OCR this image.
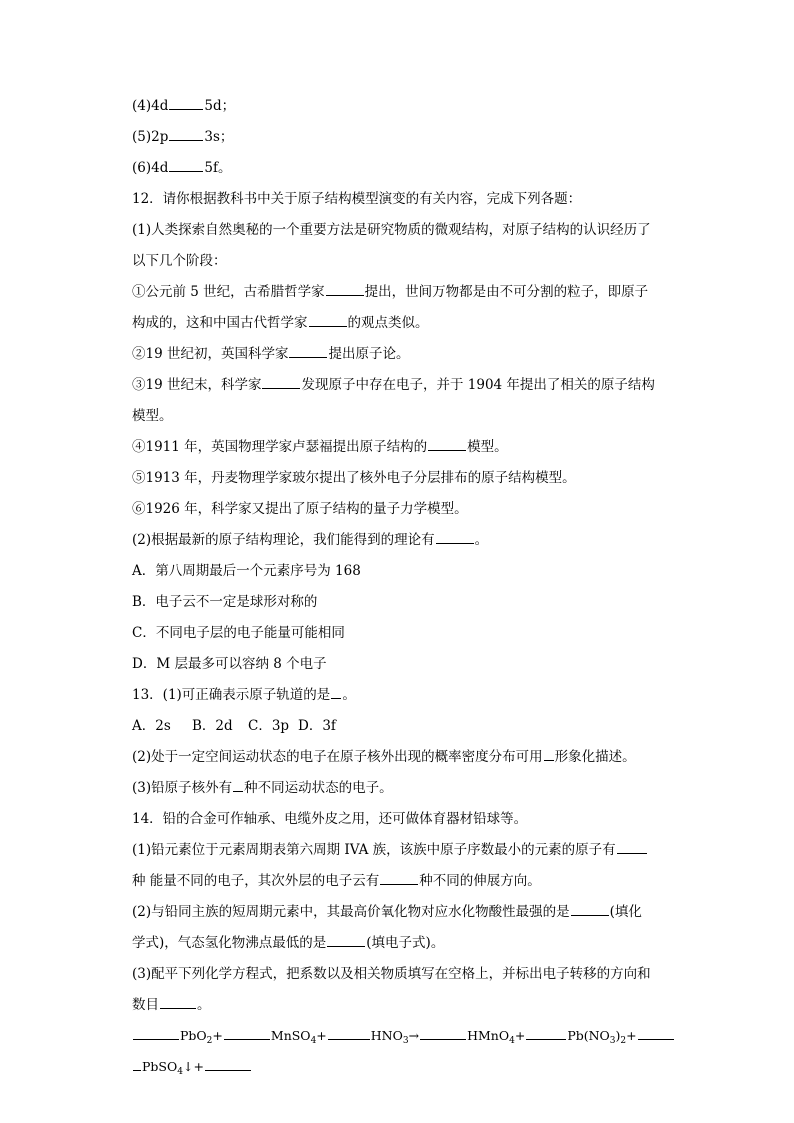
(4)4d	5d；
(5)2p	3s；
(6)4d	5f。
12．请你根据教科书中关于原子结构模型演变的有关内容，完成下列各题：
(1)人类探索自然奥秘的一个重要方法是研究物质的微观结构，对原子结构的认识经历了
以下几个阶段：
①公元前 5 世纪，古希腊哲学家	提出，世间万物都是由不可分割的粒子，即原子
构成的，这和中国古代哲学家	的观点类似。
②19 世纪初，英国科学家	提出原子论。
③19 世纪末，科学家	发现原子中存在电子，并于 1904 年提出了相关的原子结构
模型。
④1911 年，英国物理学家卢瑟福提出原子结构的	模型。
⑤1913 年，丹麦物理学家玻尔提出了核外电子分层排布的原子结构模型。
⑥1926 年，科学家又提出了原子结构的量子力学模型。
(2)根据最新的原子结构理论，我们能得到的理论有	。
A．第八周期最后一个元素序号为 168
B．电子云不一定是球形对称的
C．不同电子层的电子能量可能相同
D．M 层最多可以容纳 8 个电子
13．(1)可正确表示原子轨道的是 。
A．2s B．2d C．3p D．3f
(2)处于一定空间运动状态的电子在原子核外出现的概率密度分布可用 形象化描述。
(3)铅原子核外有 种不同运动状态的电子。
14．铅的合金可作轴承、电缆外皮之用，还可做体育器材铅球等。
(1)铅元素位于元素周期表第六周期 IVA 族，该族中原子序数最小的元素的原子有
种 能量不同的电子，其次外层的电子云有	种不同的伸展方向。
(2)与铅同主族的短周期元素中，其最高价氧化物对应水化物酸性最强的是	(填化
学式)，气态氢化物沸点最低的是	(填电子式)。
(3)配平下列化学方程式，把系数以及相关物质填写在空格上，并标出电子转移的方向和
数目	。
PbO$_2$+	MnSO$_4$+	$HNO_3\to$	HMnO$_4$+	$Pb(NO_3)_2+$
PbSO$_4$↓+
